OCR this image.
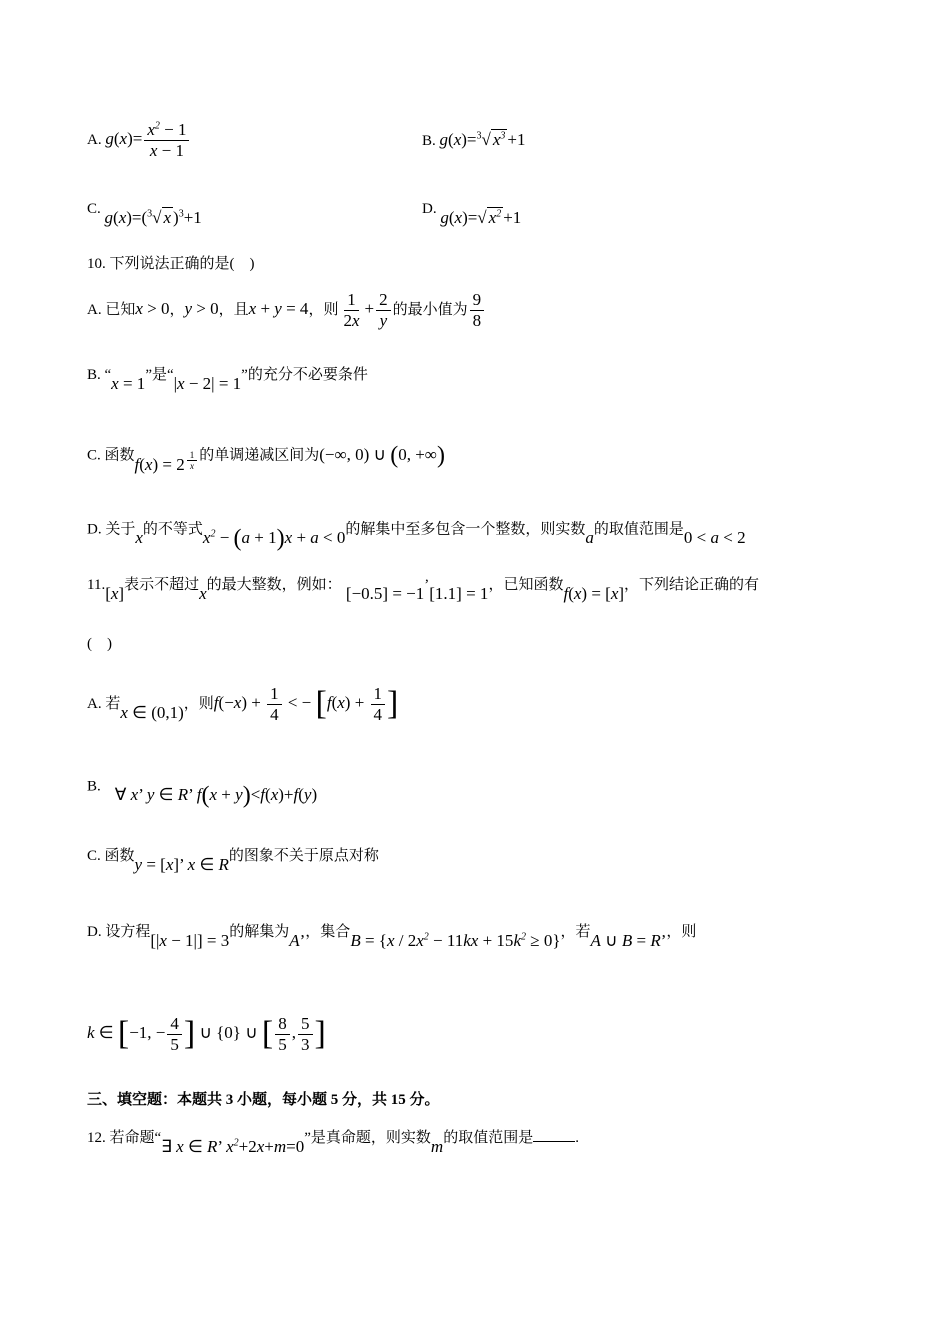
A. $g(x)= \frac{x^2 - 1}{x - 1}$	B. g(x)=$^3$√ $x^3 +1$
C. g(x)=($^3$√ x )$^3$+1	D. g(x)=√ $x^2 +1$
10. 下列说法正确的是(　)
A. 已知x > 0，y > 0，且x + y = 4，则 $\frac{1}{2x} + \frac{2}{y}$ 的最小值为 $\frac{9}{8}$
B. “x = 1”是“|x − 2| = 1”的充分不必要条件
C. 函数f(x) = 2 $^{\frac{1}{x}}$ 的单调递减区间为(−∞, 0) ∪ (0, +∞)
D. 关于x的不等式$x^2 - (a + 1)x + a < 0$的解集中至多包含一个整数，则实数a的取值范围是0 < a < 2
11.[x]表示不超过x的最大整数，例如： [−0.5] = −1’[1.1] = 1，已知函数f(x) = [x]，下列结论正确的有
(　)
A. 若x ∈ (0,1)，则$f(-x) + \frac{1}{4}$ < − [$f(x) + \frac{1}{4}$ ]
B. ∀ x’ y ∈ R’ f(x + y)<f(x)+f(y)
C. 函数y = [x]’ x ∈ R的图象不关于原点对称
D. 设方程[|x − 1|] = 3的解集为A’，集合$B = \{x / 2x^2 - 11kx + 15k^2 \ge 0\}$，若A ∪ B = R’，则
k ∈ [−1, − $\frac{4}{5}$ ] ∪ {0} ∪ [ $\frac{8}{5}$ , $\frac{5}{3}$ ]
三、填空题：本题共 3 小题，每小题 5 分，共 15 分。
12. 若命题“∃ x ∈ R’ $x^2+2x+m=0$”是真命题，则实数m的取值范围是	.
